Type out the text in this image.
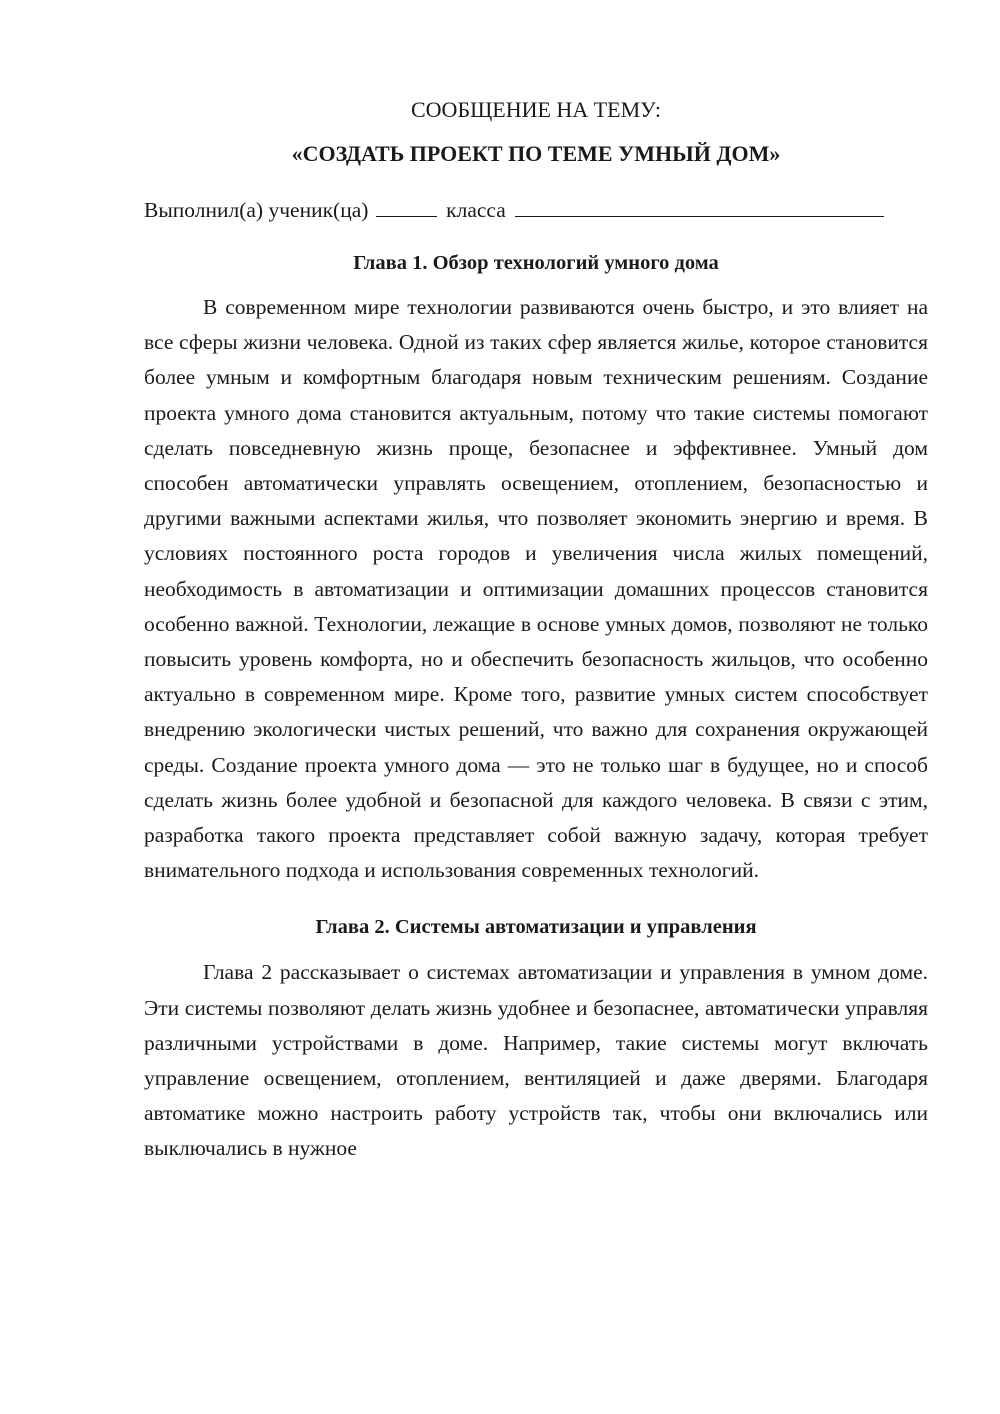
СООБЩЕНИЕ НА ТЕМУ:

«СОЗДАТЬ ПРОЕКТ ПО ТЕМЕ УМНЫЙ ДОМ»

Выполнил(а) ученик(ца)	класса
Глава 1. Обзор технологий умного дома

В современном мире технологии развиваются очень быстро, и это влияет на все сферы жизни человека. Одной из таких сфер является жилье, которое становится более умным и комфортным благодаря новым техническим решениям. Создание проекта умного дома становится актуальным, потому что такие системы помогают сделать повседневную жизнь проще, безопаснее и эффективнее. Умный дом способен автоматически управлять освещением, отоплением, безопасностью и другими важными аспектами жилья, что позволяет экономить энергию и время. В условиях постоянного роста городов и увеличения числа жилых помещений, необходимость в автоматизации и оптимизации домашних процессов становится особенно важной. Технологии, лежащие в основе умных домов, позволяют не только повысить уровень комфорта, но и обеспечить безопасность жильцов, что особенно актуально в современном мире. Кроме того, развитие умных систем способствует внедрению экологически чистых решений, что важно для сохранения окружающей среды. Создание проекта умного дома — это не только шаг в будущее, но и способ сделать жизнь более удобной и безопасной для каждого человека. В связи с этим, разработка такого проекта представляет собой важную задачу, которая требует внимательного подхода и использования современных технологий.

Глава 2. Системы автоматизации и управления

Глава 2 рассказывает о системах автоматизации и управления в умном доме. Эти системы позволяют делать жизнь удобнее и безопаснее, автоматически управляя различными устройствами в доме. Например, такие системы могут включать управление освещением, отоплением, вентиляцией и даже дверями. Благодаря автоматике можно настроить работу устройств так, чтобы они включались или выключались в нужное
